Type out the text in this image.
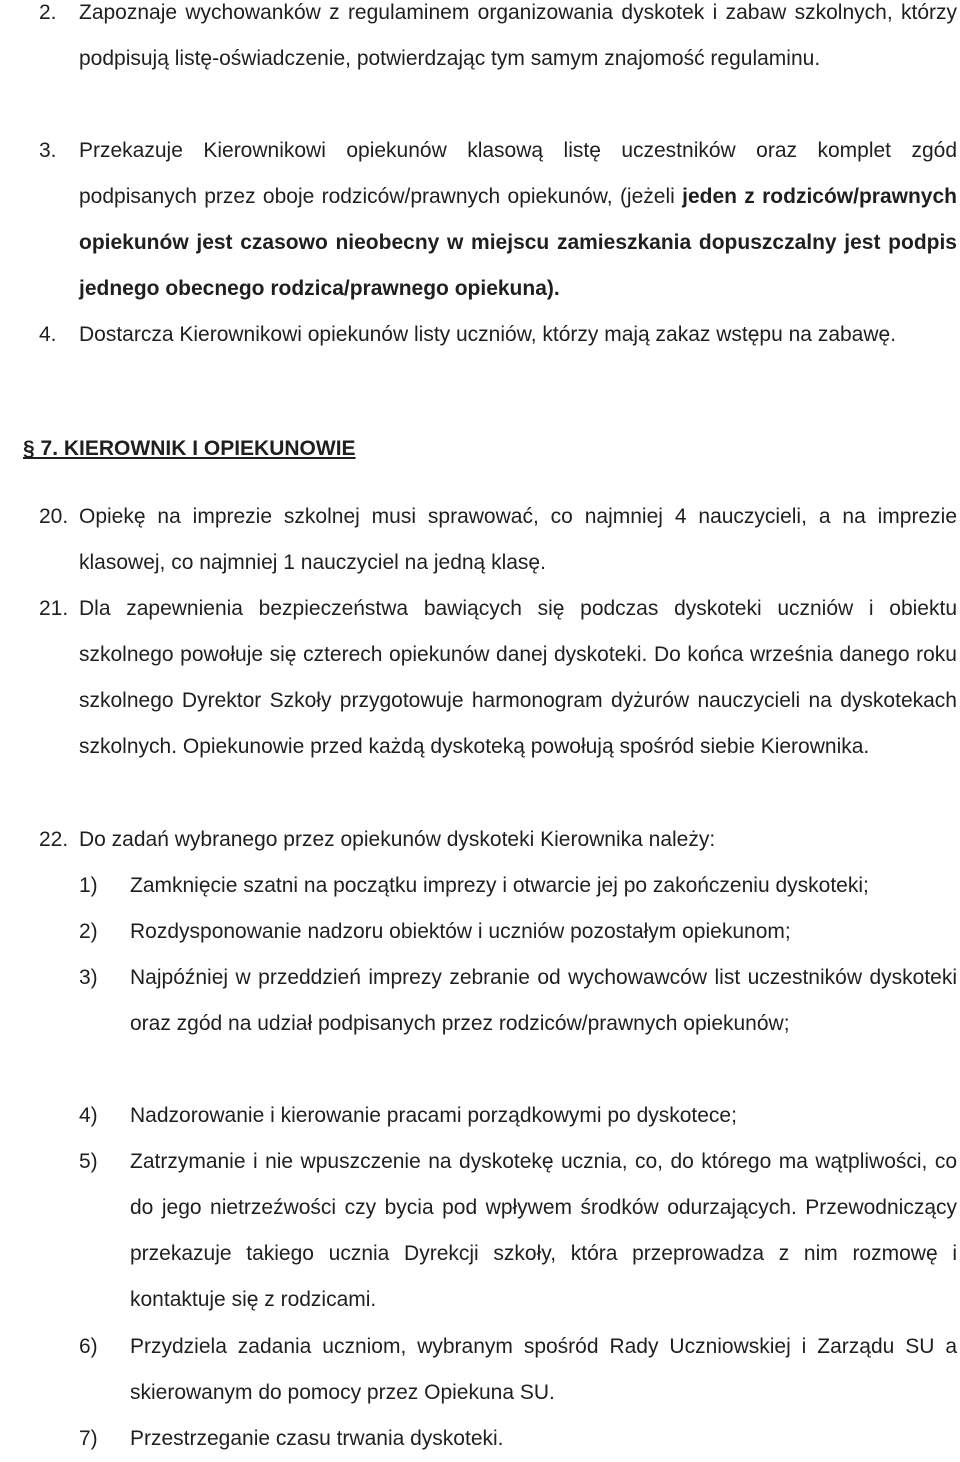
2. Zapoznaje wychowanków z regulaminem organizowania dyskotek i zabaw szkolnych, którzy podpisują listę-oświadczenie, potwierdzając tym samym znajomość regulaminu.
3. Przekazuje Kierownikowi opiekunów klasową listę uczestników oraz komplet zgód podpisanych przez oboje rodziców/prawnych opiekunów, (jeżeli jeden z rodziców/prawnych opiekunów jest czasowo nieobecny w miejscu zamieszkania dopuszczalny jest podpis jednego obecnego rodzica/prawnego opiekuna).
4. Dostarcza Kierownikowi opiekunów listy uczniów, którzy mają zakaz wstępu na zabawę.
§ 7. KIEROWNIK I OPIEKUNOWIE
20. Opiekę na imprezie szkolnej musi sprawować, co najmniej 4 nauczycieli, a na imprezie klasowej, co najmniej 1 nauczyciel na jedną klasę.
21. Dla zapewnienia bezpieczeństwa bawiących się podczas dyskoteki uczniów i obiektu szkolnego powołuje się czterech opiekunów danej dyskoteki. Do końca września danego roku szkolnego Dyrektor Szkoły przygotowuje harmonogram dyżurów nauczycieli na dyskotekach szkolnych. Opiekunowie przed każdą dyskoteką powołują spośród siebie Kierownika.
22. Do zadań wybranego przez opiekunów dyskoteki Kierownika należy:
1) Zamknięcie szatni na początku imprezy i otwarcie jej po zakończeniu dyskoteki;
2) Rozdysponowanie nadzoru obiektów i uczniów pozostałym opiekunom;
3) Najpóźniej w przeddzień imprezy zebranie od wychowawców list uczestników dyskoteki oraz zgód na udział podpisanych przez rodziców/prawnych opiekunów;
4) Nadzorowanie i kierowanie pracami porządkowymi po dyskotece;
5) Zatrzymanie i nie wpuszczenie na dyskotekę ucznia, co, do którego ma wątpliwości, co do jego nietrzeźwości czy bycia pod wpływem środków odurzających. Przewodniczący przekazuje takiego ucznia Dyrekcji szkoły, która przeprowadza z nim rozmowę i kontaktuje się z rodzicami.
6) Przydziela zadania uczniom, wybranym spośród Rady Uczniowskiej i Zarządu SU a skierowanym do pomocy przez Opiekuna SU.
7) Przestrzeganie czasu trwania dyskoteki.
